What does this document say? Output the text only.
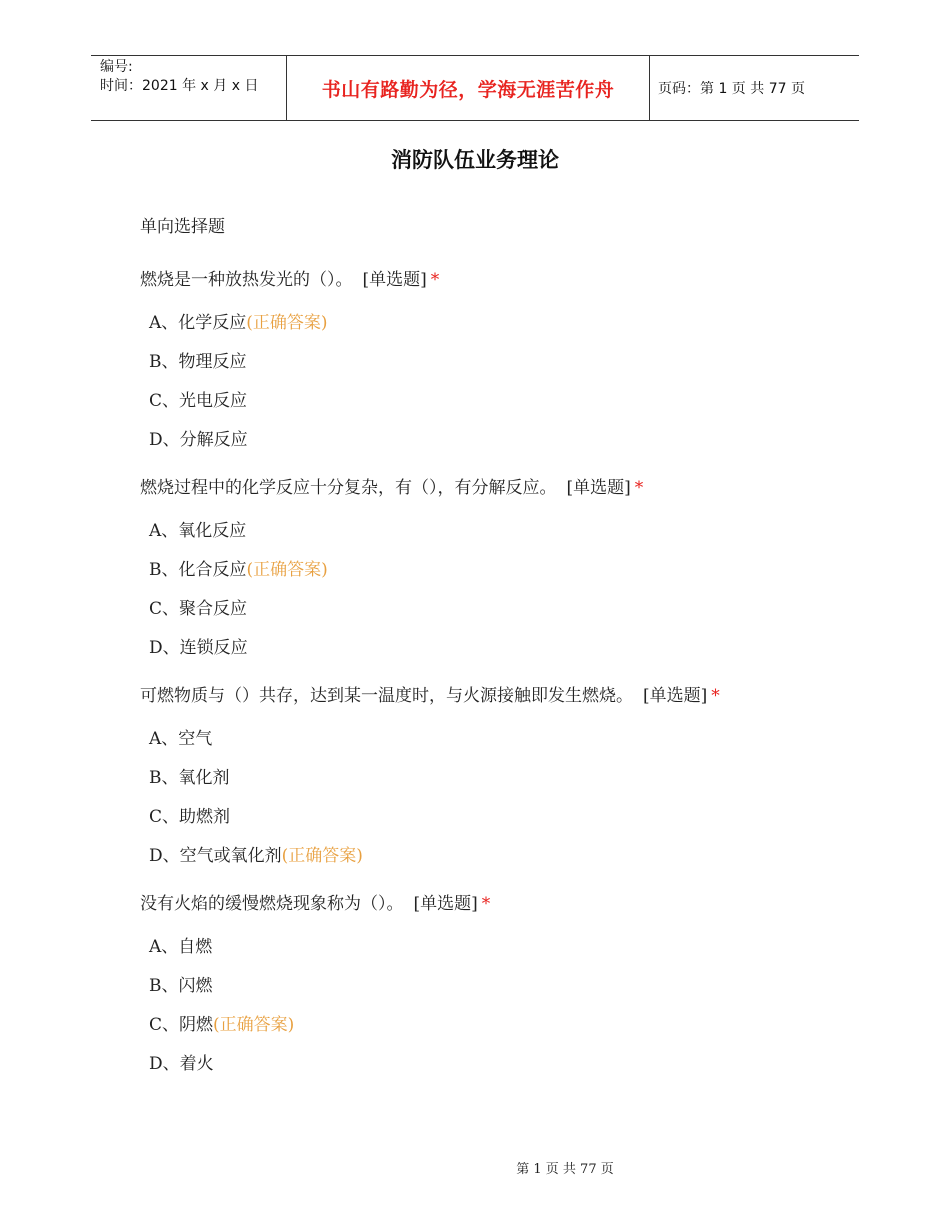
编号:
时间：2021 年 x 月 x 日	书山有路勤为径，学海无涯苦作舟	页码：第 1 页 共 77 页
消防队伍业务理论
单向选择题
燃烧是一种放热发光的（）。 [单选题] *
A、化学反应(正确答案)
B、物理反应
C、光电反应
D、分解反应
燃烧过程中的化学反应十分复杂，有（），有分解反应。 [单选题] *
A、氧化反应
B、化合反应(正确答案)
C、聚合反应
D、连锁反应
可燃物质与（）共存，达到某一温度时，与火源接触即发生燃烧。 [单选题] *
A、空气
B、氧化剂
C、助燃剂
D、空气或氧化剂(正确答案)
没有火焰的缓慢燃烧现象称为（）。 [单选题] *
A、自燃
B、闪燃
C、阴燃(正确答案)
D、着火
第 1 页 共 77 页
